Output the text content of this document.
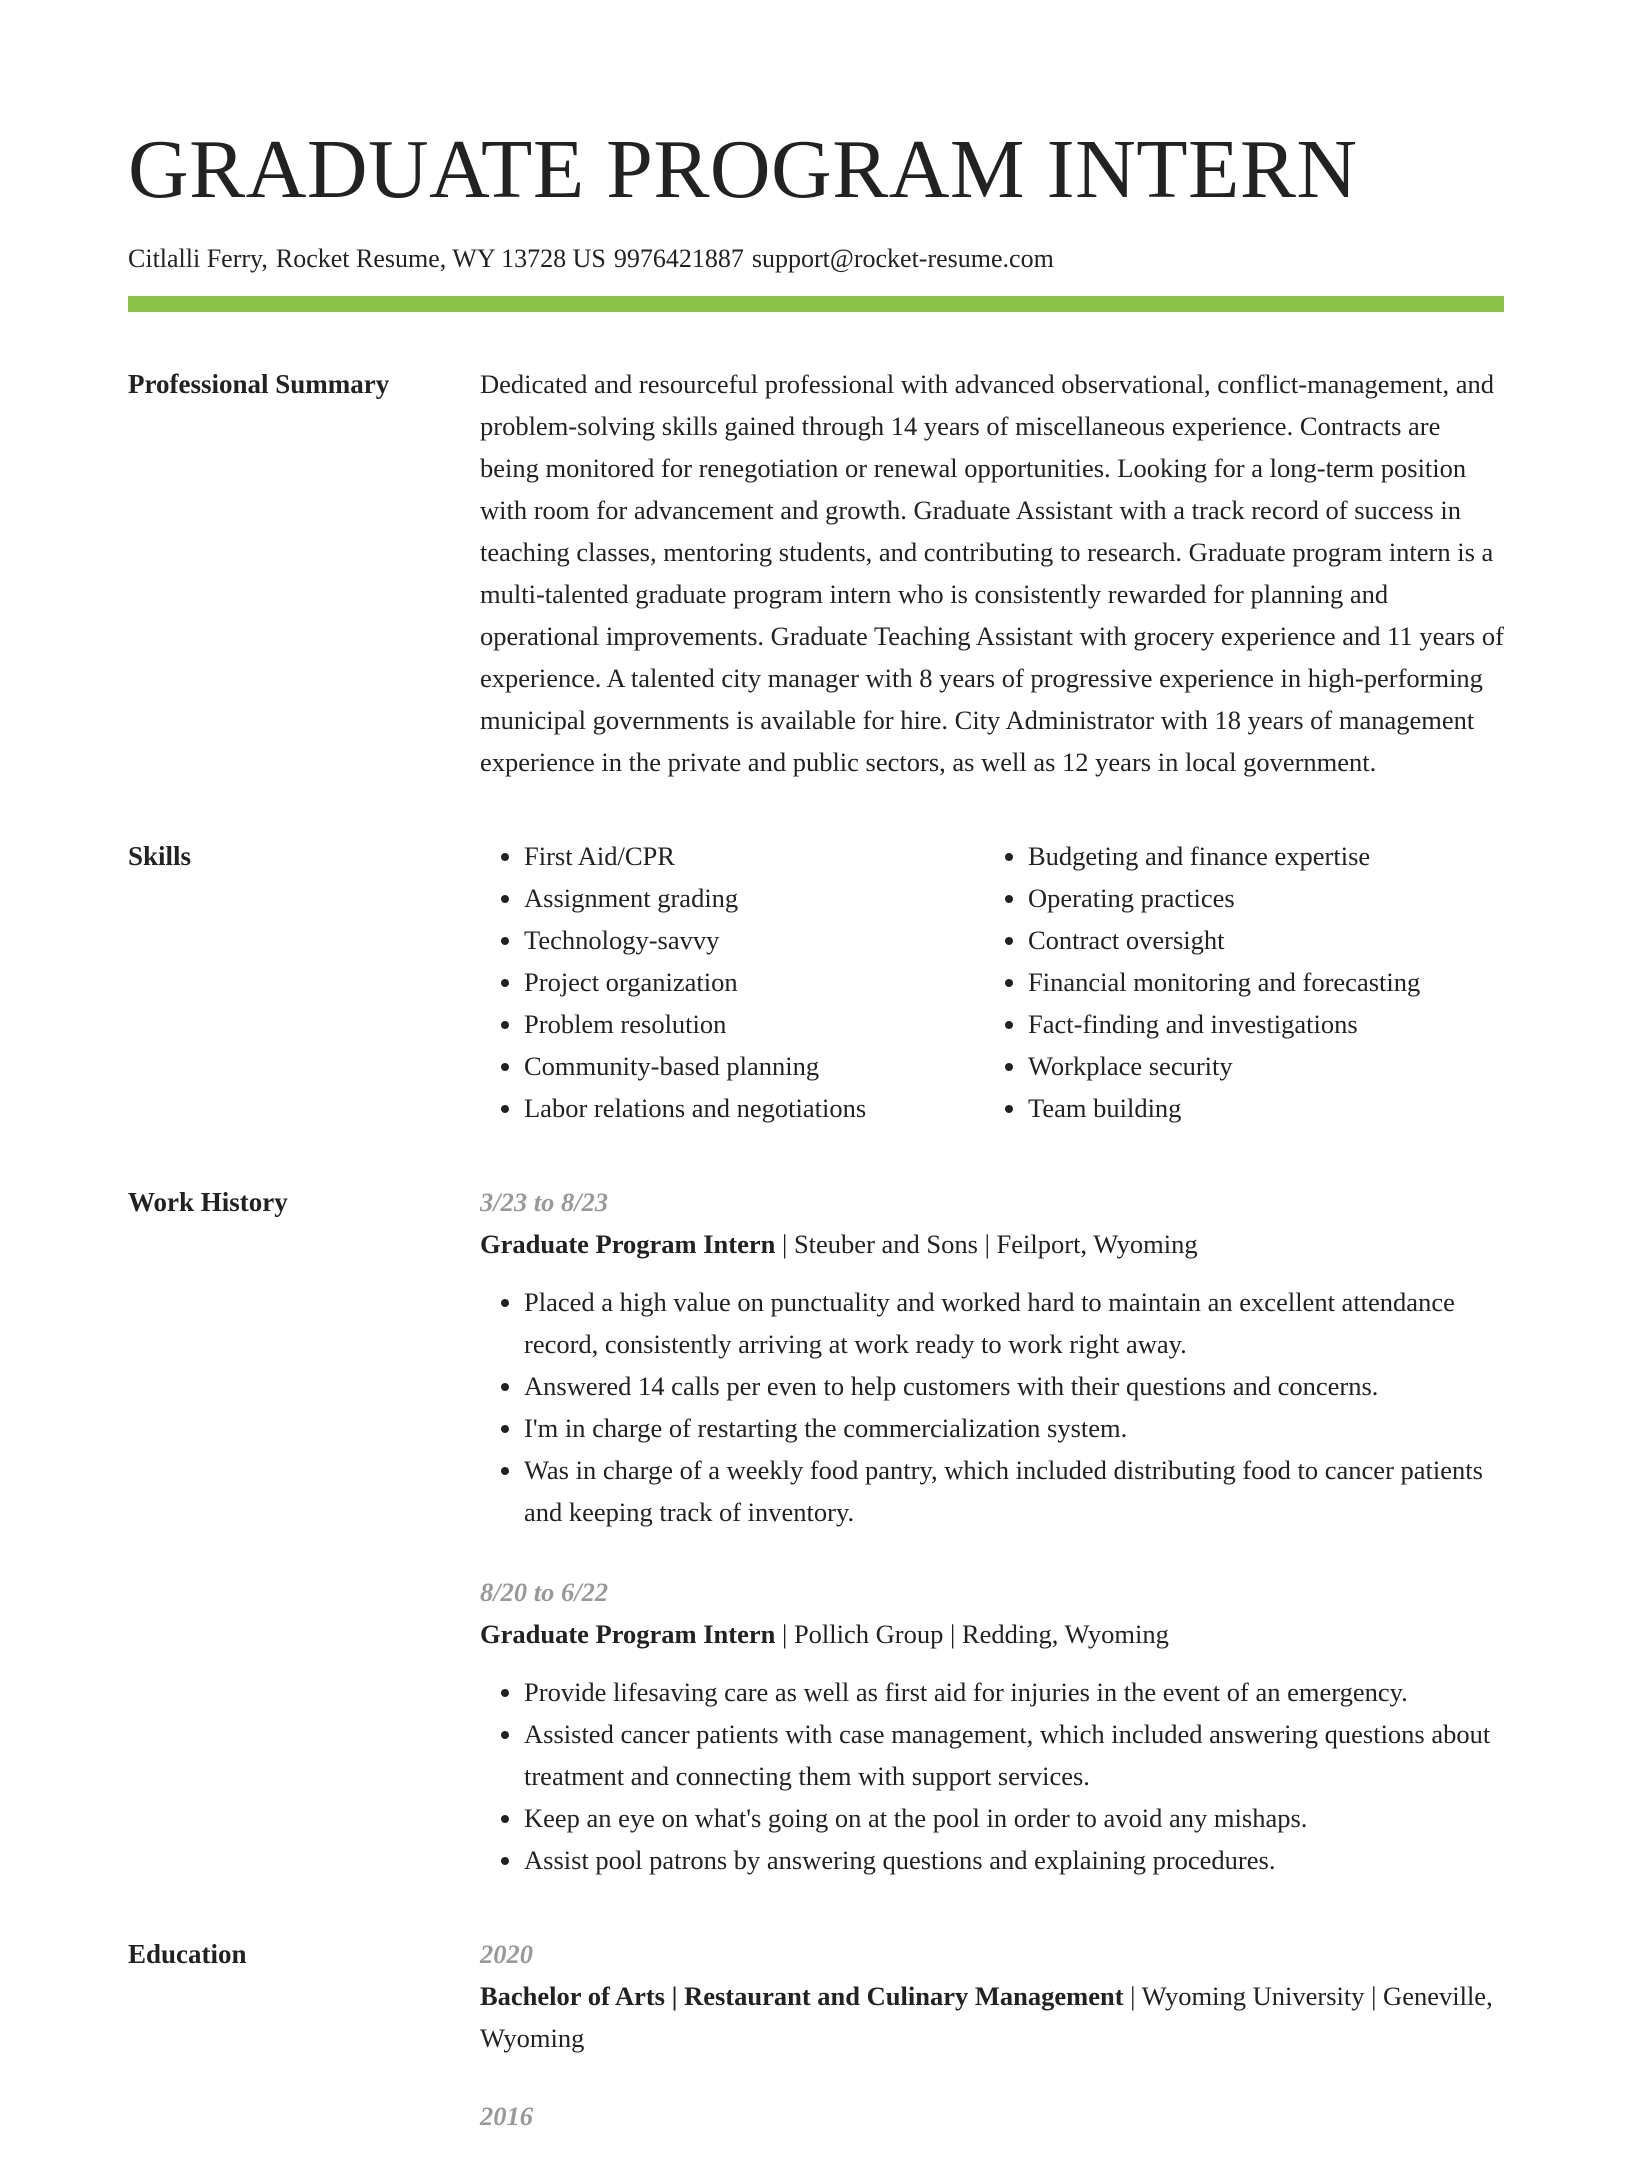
GRADUATE PROGRAM INTERN
Citlalli Ferry, Rocket Resume, WY 13728 US 9976421887 support@rocket-resume.com
Professional Summary	Dedicated and resourceful professional with advanced observational, conflict-management, and problem-solving skills gained through 14 years of miscellaneous experience. Contracts are being monitored for renegotiation or renewal opportunities. Looking for a long-term position with room for advancement and growth. Graduate Assistant with a track record of success in teaching classes, mentoring students, and contributing to research. Graduate program intern is a multi-talented graduate program intern who is consistently rewarded for planning and operational improvements. Graduate Teaching Assistant with grocery experience and 11 years of experience. A talented city manager with 8 years of progressive experience in high-performing municipal governments is available for hire. City Administrator with 18 years of management experience in the private and public sectors, as well as 12 years in local government.

Skills
•	First Aid/CPR
• Assignment grading
• Technology-savvy
• Project organization
• Problem resolution
• Community-based planning
• Labor relations and negotiations
• Budgeting and finance expertise
• Operating practices
• Contract oversight
• Financial monitoring and forecasting
• Fact-finding and investigations
• Workplace security
• Team building
Work History	3/23 to 8/23
Graduate Program Intern | Steuber and Sons | Feilport, Wyoming
• Placed a high value on punctuality and worked hard to maintain an excellent attendance record, consistently arriving at work ready to work right away.
• Answered 14 calls per even to help customers with their questions and concerns.
• I'm in charge of restarting the commercialization system.
• Was in charge of a weekly food pantry, which included distributing food to cancer patients and keeping track of inventory.
8/20 to 6/22
Graduate Program Intern | Pollich Group | Redding, Wyoming
• Provide lifesaving care as well as first aid for injuries in the event of an emergency.
• Assisted cancer patients with case management, which included answering questions about treatment and connecting them with support services.
• Keep an eye on what's going on at the pool in order to avoid any mishaps.
• Assist pool patrons by answering questions and explaining procedures.
Education	2020
Bachelor of Arts | Restaurant and Culinary Management | Wyoming University | Geneville, Wyoming
2016
